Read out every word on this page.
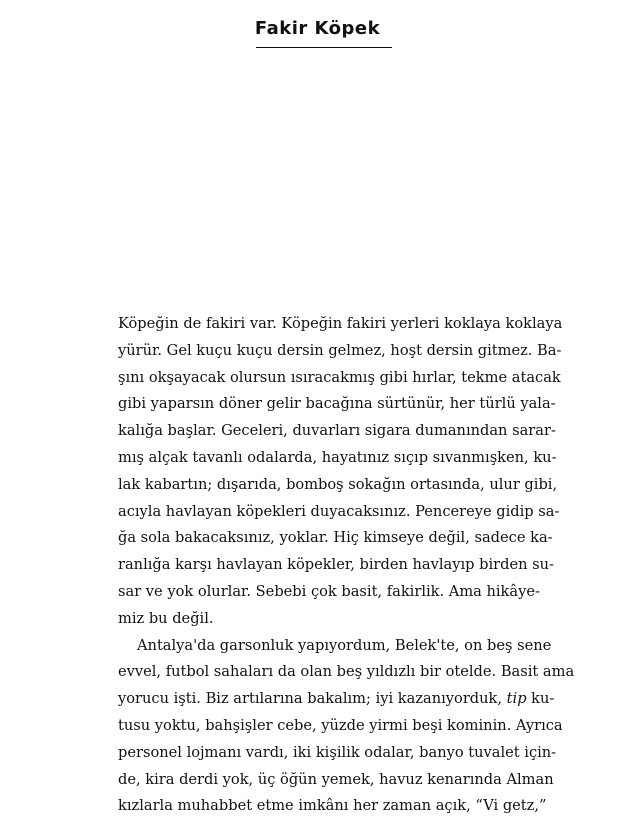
Fakir Köpek
Köpeğin de fakiri var. Köpeğin fakiri yerleri koklaya koklaya
yürür. Gel kuçu kuçu dersin gelmez, hoşt dersin gitmez. Ba-
şını okşayacak olursun ısıracakmış gibi hırlar, tekme atacak
gibi yaparsın döner gelir bacağına sürtünür, her türlü yala-
kalığa başlar. Geceleri, duvarları sigara dumanından sarar-
mış alçak tavanlı odalarda, hayatınız sıçıp sıvanmışken, ku-
lak kabartın; dışarıda, bomboş sokağın ortasında, ulur gibi,
acıyla havlayan köpekleri duyacaksınız. Pencereye gidip sa-
ğa sola bakacaksınız, yoklar. Hiç kimseye değil, sadece ka-
ranlığa karşı havlayan köpekler, birden havlayıp birden su-
sar ve yok olurlar. Sebebi çok basit, fakirlik. Ama hikâye-
miz bu değil.
Antalya'da garsonluk yapıyordum, Belek'te, on beş sene
evvel, futbol sahaları da olan beş yıldızlı bir otelde. Basit ama
yorucu işti. Biz artılarına bakalım; iyi kazanıyorduk, tip ku-
tusu yoktu, bahşişler cebe, yüzde yirmi beşi kominin. Ayrıca
personel lojmanı vardı, iki kişilik odalar, banyo tuvalet için-
de, kira derdi yok, üç öğün yemek, havuz kenarında Alman
kızlarla muhabbet etme imkânı her zaman açık, “Vi getz,”
